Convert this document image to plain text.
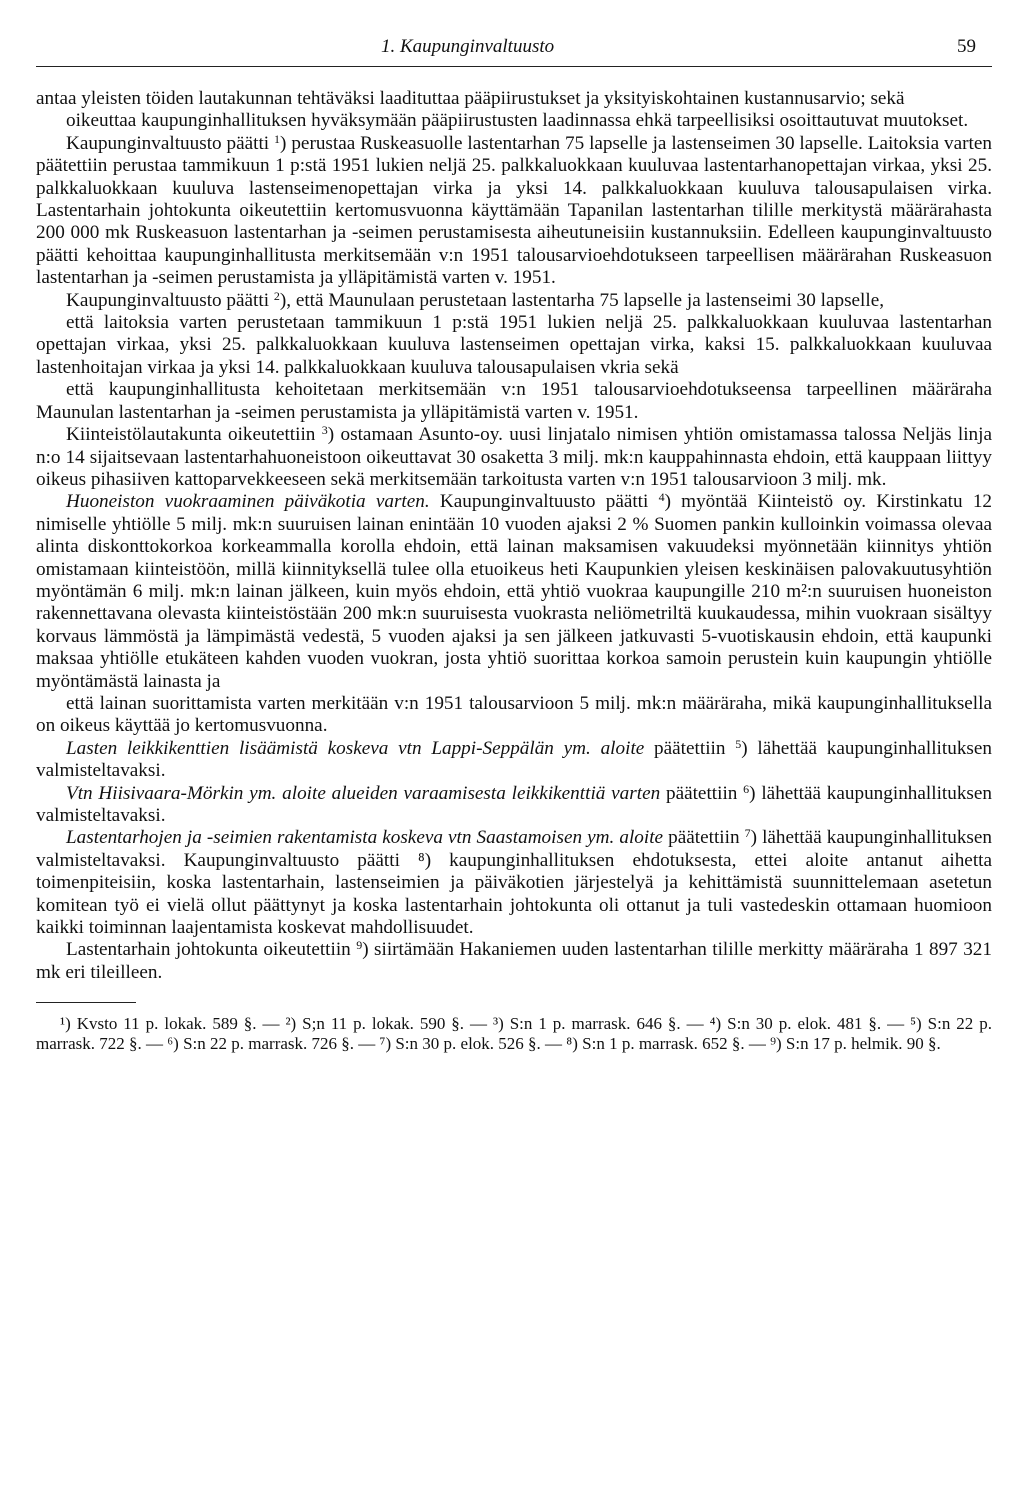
1. Kaupunginvaltuusto	59

antaa yleisten töiden lautakunnan tehtäväksi laadituttaa pääpiirustukset ja yksityiskohtainen kustannusarvio; sekä

oikeuttaa kaupunginhallituksen hyväksymään pääpiirustusten laadinnassa ehkä tarpeellisiksi osoittautuvat muutokset.

Kaupunginvaltuusto päätti $^1$) perustaa Ruskeasuolle lastentarhan 75 lapselle ja lastenseimen 30 lapselle. Laitoksia varten päätettiin perustaa tammikuun 1 p:stä 1951 lukien neljä 25. palkkaluokkaan kuuluvaa lastentarhanopettajan virkaa, yksi 25. palkkaluokkaan kuuluva lastenseimenopettajan virka ja yksi 14. palkkaluokkaan kuuluva talousapulaisen virka. Lastentarhain johtokunta oikeutettiin kertomusvuonna käyttämään Tapanilan lastentarhan tilille merkitystä määrärahasta 200 000 mk Ruskeasuon lastentarhan ja -seimen perustamisesta aiheutuneisiin kustannuksiin. Edelleen kaupunginvaltuusto päätti kehoittaa kaupunginhallitusta merkitsemään v:n 1951 talousarvioehdotukseen tarpeellisen määrärahan Ruskeasuon lastentarhan ja -seimen perustamista ja ylläpitämistä varten v. 1951.

Kaupunginvaltuusto päätti $^2$), että Maunulaan perustetaan lastentarha 75 lapselle ja lastenseimi 30 lapselle,

että laitoksia varten perustetaan tammikuun 1 p:stä 1951 lukien neljä 25. palkkaluokkaan kuuluvaa lastentarhan opettajan virkaa, yksi 25. palkkaluokkaan kuuluva lastenseimen opettajan virka, kaksi 15. palkkaluokkaan kuuluvaa lastenhoitajan virkaa ja yksi 14. palkkaluokkaan kuuluva talousapulaisen vkria sekä

että kaupunginhallitusta kehoitetaan merkitsemään v:n 1951 talousarvioehdotukseensa tarpeellinen määräraha Maunulan lastentarhan ja -seimen perustamista ja ylläpitämistä varten v. 1951.

Kiinteistölautakunta oikeutettiin $^3$) ostamaan Asunto-oy. uusi linjatalo nimisen yhtiön omistamassa talossa Neljäs linja n:o 14 sijaitsevaan lastentarhahuoneistoon oikeuttavat 30 osaketta 3 milj. mk:n kauppahinnasta ehdoin, että kauppaan liittyy oikeus pihasiiven kattoparvekkeeseen sekä merkitsemään tarkoitusta varten v:n 1951 talousarvioon 3 milj. mk.

Huoneiston vuokraaminen päiväkotia varten. Kaupunginvaltuusto päätti $^4$) myöntää Kiinteistö oy. Kirstinkatu 12 nimiselle yhtiölle 5 milj. mk:n suuruisen lainan enintään 10 vuoden ajaksi 2 % Suomen pankin kulloinkin voimassa olevaa alinta diskonttokorkoa korkeammalla korolla ehdoin, että lainan maksamisen vakuudeksi myönnetään kiinnitys yhtiön omistamaan kiinteistöön, millä kiinnityksellä tulee olla etuoikeus heti Kaupunkien yleisen keskinäisen palovakuutusyhtiön myöntämän 6 milj. mk:n lainan jälkeen, kuin myös ehdoin, että yhtiö vuokraa kaupungille 210 m²:n suuruisen huoneiston rakennettavana olevasta kiinteistöstään 200 mk:n suuruisesta vuokrasta neliömetriltä kuukaudessa, mihin vuokraan sisältyy korvaus lämmöstä ja lämpimästä vedestä, 5 vuoden ajaksi ja sen jälkeen jatkuvasti 5-vuotiskausin ehdoin, että kaupunki maksaa yhtiölle etukäteen kahden vuoden vuokran, josta yhtiö suorittaa korkoa samoin perustein kuin kaupungin yhtiölle myöntämästä lainasta ja

että lainan suorittamista varten merkitään v:n 1951 talousarvioon 5 milj. mk:n määräraha, mikä kaupunginhallituksella on oikeus käyttää jo kertomusvuonna.

Lasten leikkikenttien lisäämistä koskeva vtn Lappi-Seppälän ym. aloite päätettiin $^5$) lähettää kaupunginhallituksen valmisteltavaksi.

Vtn Hiisivaara-Mörkin ym. aloite alueiden varaamisesta leikkikenttiä varten päätettiin $^6$) lähettää kaupunginhallituksen valmisteltavaksi.

Lastentarhojen ja -seimien rakentamista koskeva vtn Saastamoisen ym. aloite päätettiin $^7$) lähettää kaupunginhallituksen valmisteltavaksi. Kaupunginvaltuusto päätti ⁸) kaupunginhallituksen ehdotuksesta, ettei aloite antanut aihetta toimenpiteisiin, koska lastentarhain, lastenseimien ja päiväkotien järjestelyä ja kehittämistä suunnittelemaan asetetun komitean työ ei vielä ollut päättynyt ja koska lastentarhain johtokunta oli ottanut ja tuli vastedeskin ottamaan huomioon kaikki toiminnan laajentamista koskevat mahdollisuudet.

Lastentarhain johtokunta oikeutettiin $^9$) siirtämään Hakaniemen uuden lastentarhan tilille merkitty määräraha 1 897 321 mk eri tileilleen.

¹) Kvsto 11 p. lokak. 589 §. — ²) S;n 11 p. lokak. 590 §. — ³) S:n 1 p. marrask. 646 §. — ⁴) S:n 30 p. elok. 481 §. — ⁵) S:n 22 p. marrask. 722 §. — ⁶) S:n 22 p. marrask. 726 §. — ⁷) S:n 30 p. elok. 526 §. — ⁸) S:n 1 p. marrask. 652 §. — ⁹) S:n 17 p. helmik. 90 §.
